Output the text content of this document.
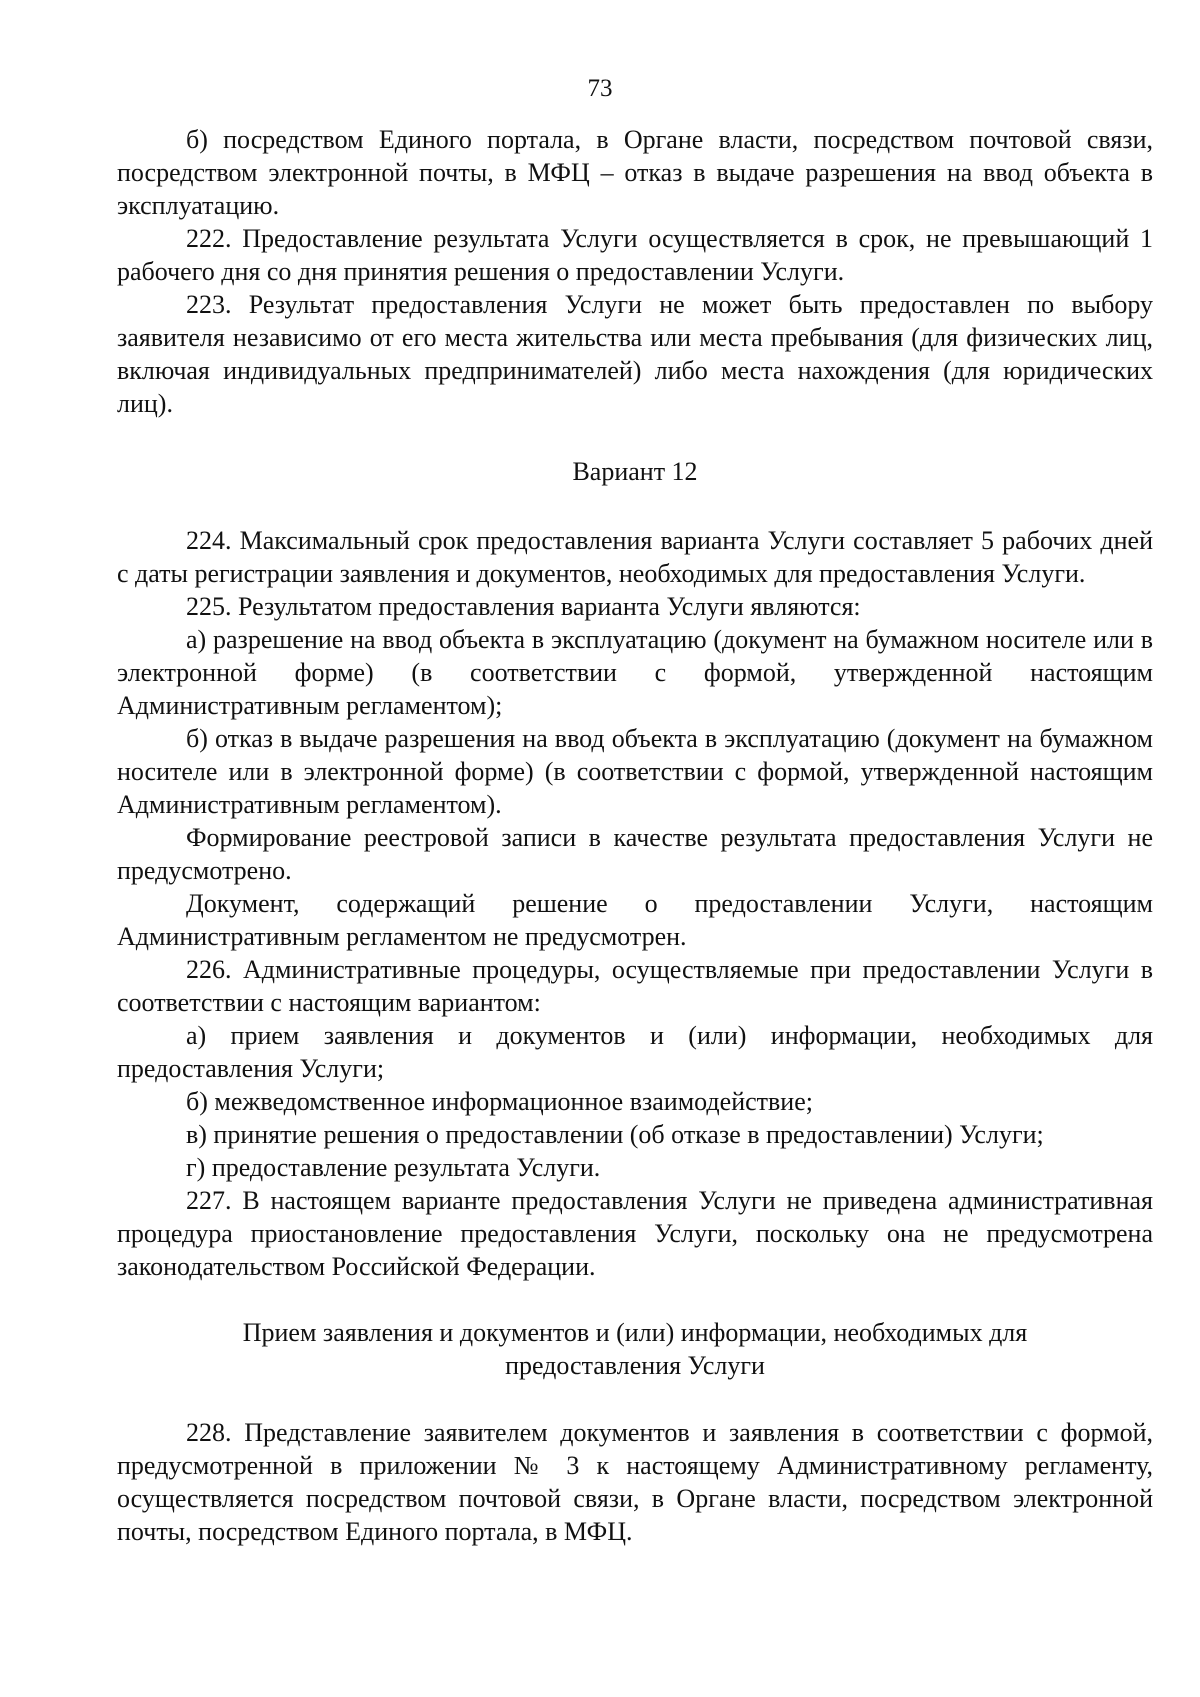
73

б) посредством Единого портала, в Органе власти, посредством почтовой связи, посредством электронной почты, в МФЦ – отказ в выдаче разрешения на ввод объекта в эксплуатацию.

222. Предоставление результата Услуги осуществляется в срок, не превышающий 1 рабочего дня со дня принятия решения о предоставлении Услуги.

223. Результат предоставления Услуги не может быть предоставлен по выбору заявителя независимо от его места жительства или места пребывания (для физических лиц, включая индивидуальных предпринимателей) либо места нахождения (для юридических лиц).

Вариант 12

224. Максимальный срок предоставления варианта Услуги составляет 5 рабочих дней с даты регистрации заявления и документов, необходимых для предоставления Услуги.

225. Результатом предоставления варианта Услуги являются:

а) разрешение на ввод объекта в эксплуатацию (документ на бумажном носителе или в электронной форме) (в соответствии с формой, утвержденной настоящим Административным регламентом);

б) отказ в выдаче разрешения на ввод объекта в эксплуатацию (документ на бумажном носителе или в электронной форме) (в соответствии с формой, утвержденной настоящим Административным регламентом).

Формирование реестровой записи в качестве результата предоставления Услуги не предусмотрено.

Документ, содержащий решение о предоставлении Услуги, настоящим Административным регламентом не предусмотрен.

226. Административные процедуры, осуществляемые при предоставлении Услуги в соответствии с настоящим вариантом:

а) прием заявления и документов и (или) информации, необходимых для предоставления Услуги;

б) межведомственное информационное взаимодействие;

в) принятие решения о предоставлении (об отказе в предоставлении) Услуги;

г) предоставление результата Услуги.

227. В настоящем варианте предоставления Услуги не приведена административная процедура приостановление предоставления Услуги, поскольку она не предусмотрена законодательством Российской Федерации.

Прием заявления и документов и (или) информации, необходимых для предоставления Услуги

228. Представление заявителем документов и заявления в соответствии с формой, предусмотренной в приложении № 3 к настоящему Административному регламенту, осуществляется посредством почтовой связи, в Органе власти, посредством электронной почты, посредством Единого портала, в МФЦ.
